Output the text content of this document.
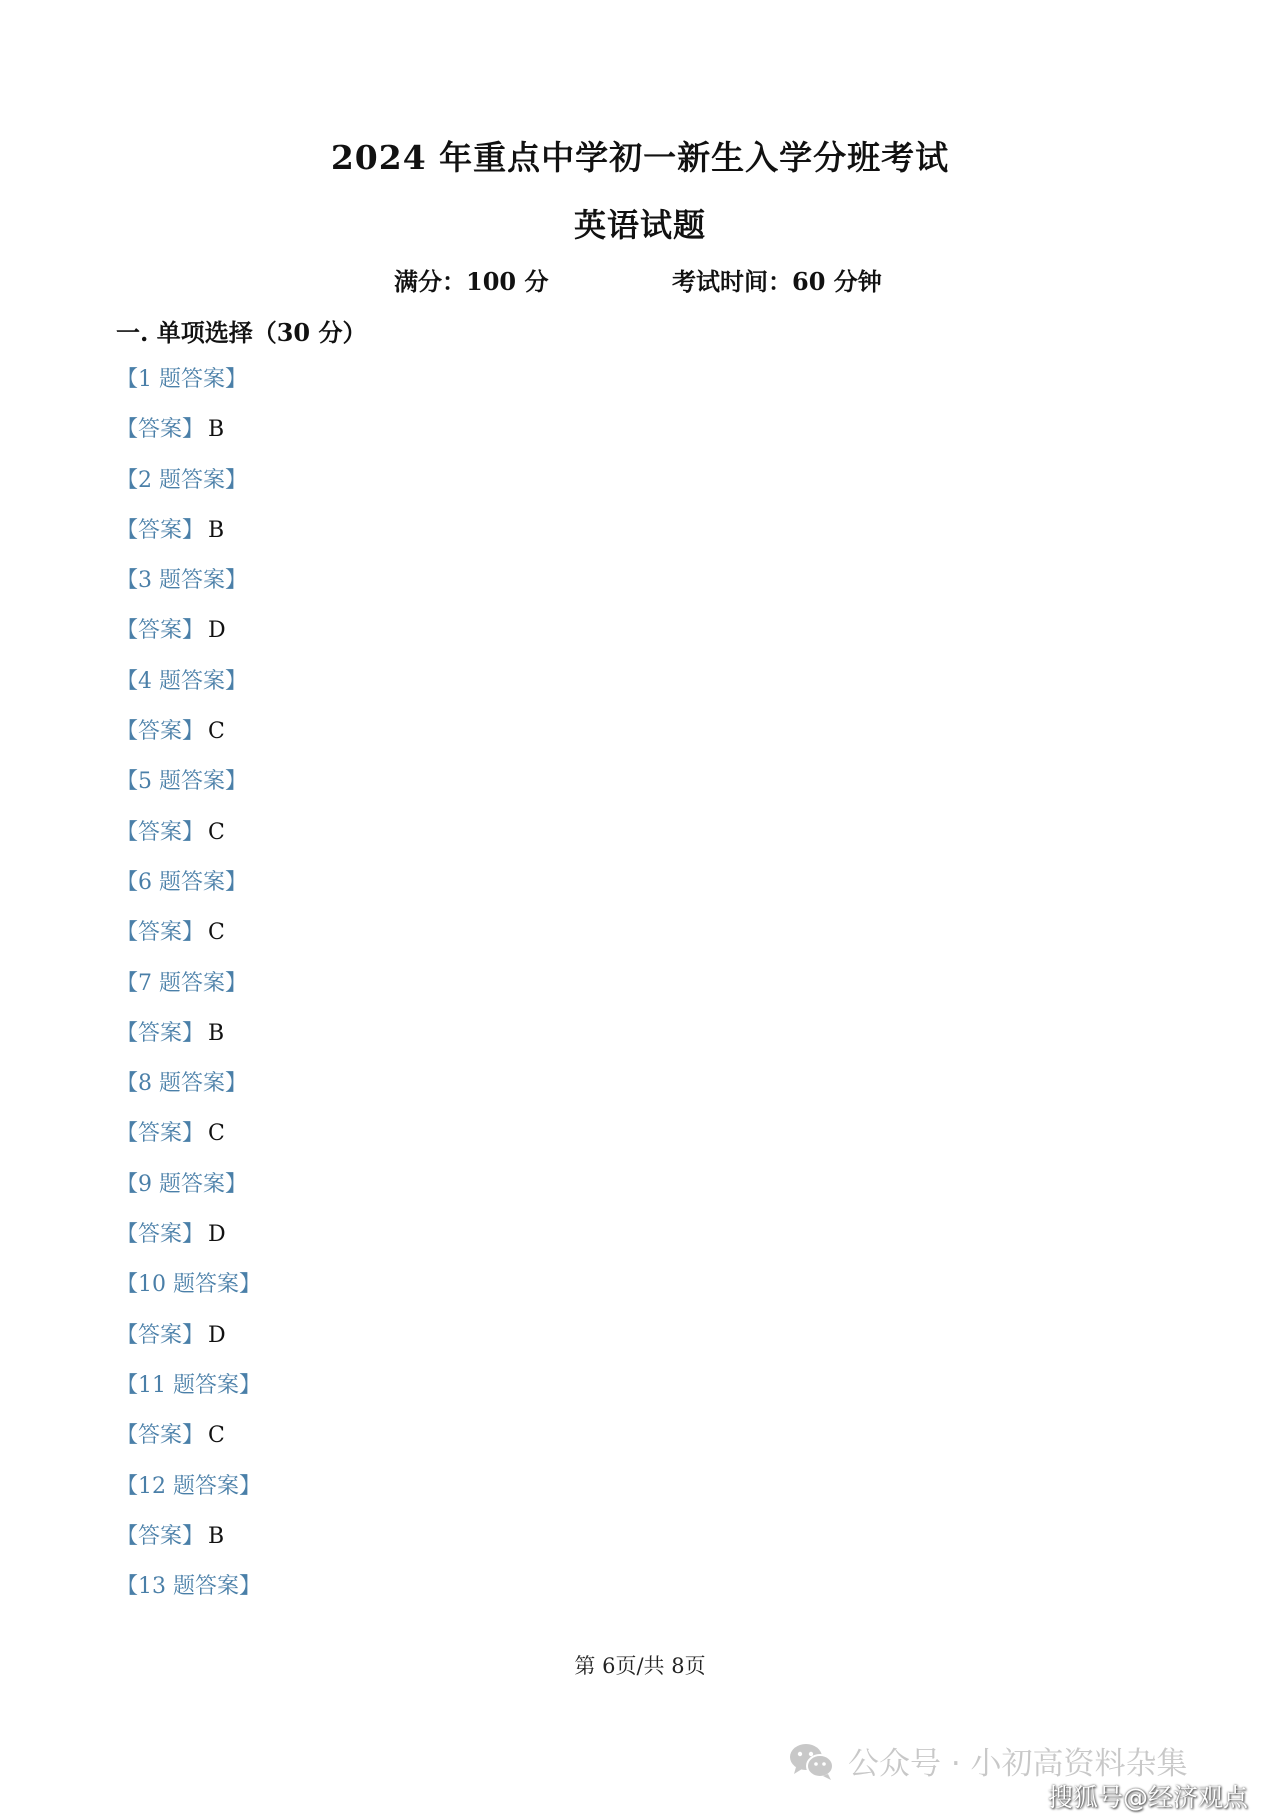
2024 年重点中学初一新生入学分班考试
英语试题
满分：100 分	考试时间：60 分钟
一. 单项选择（30 分）
【1 题答案】
【答案】 B
【2 题答案】
【答案】 B
【3 题答案】
【答案】 D
【4 题答案】
【答案】 C
【5 题答案】
【答案】 C
【6 题答案】
【答案】 C
【7 题答案】
【答案】 B
【8 题答案】
【答案】 C
【9 题答案】
【答案】 D
【10 题答案】
【答案】 D
【11 题答案】
【答案】 C
【12 题答案】
【答案】 B
【13 题答案】
第 6页/共 8页
公众号 · 小初高资料杂集
搜狐号@经济观点
